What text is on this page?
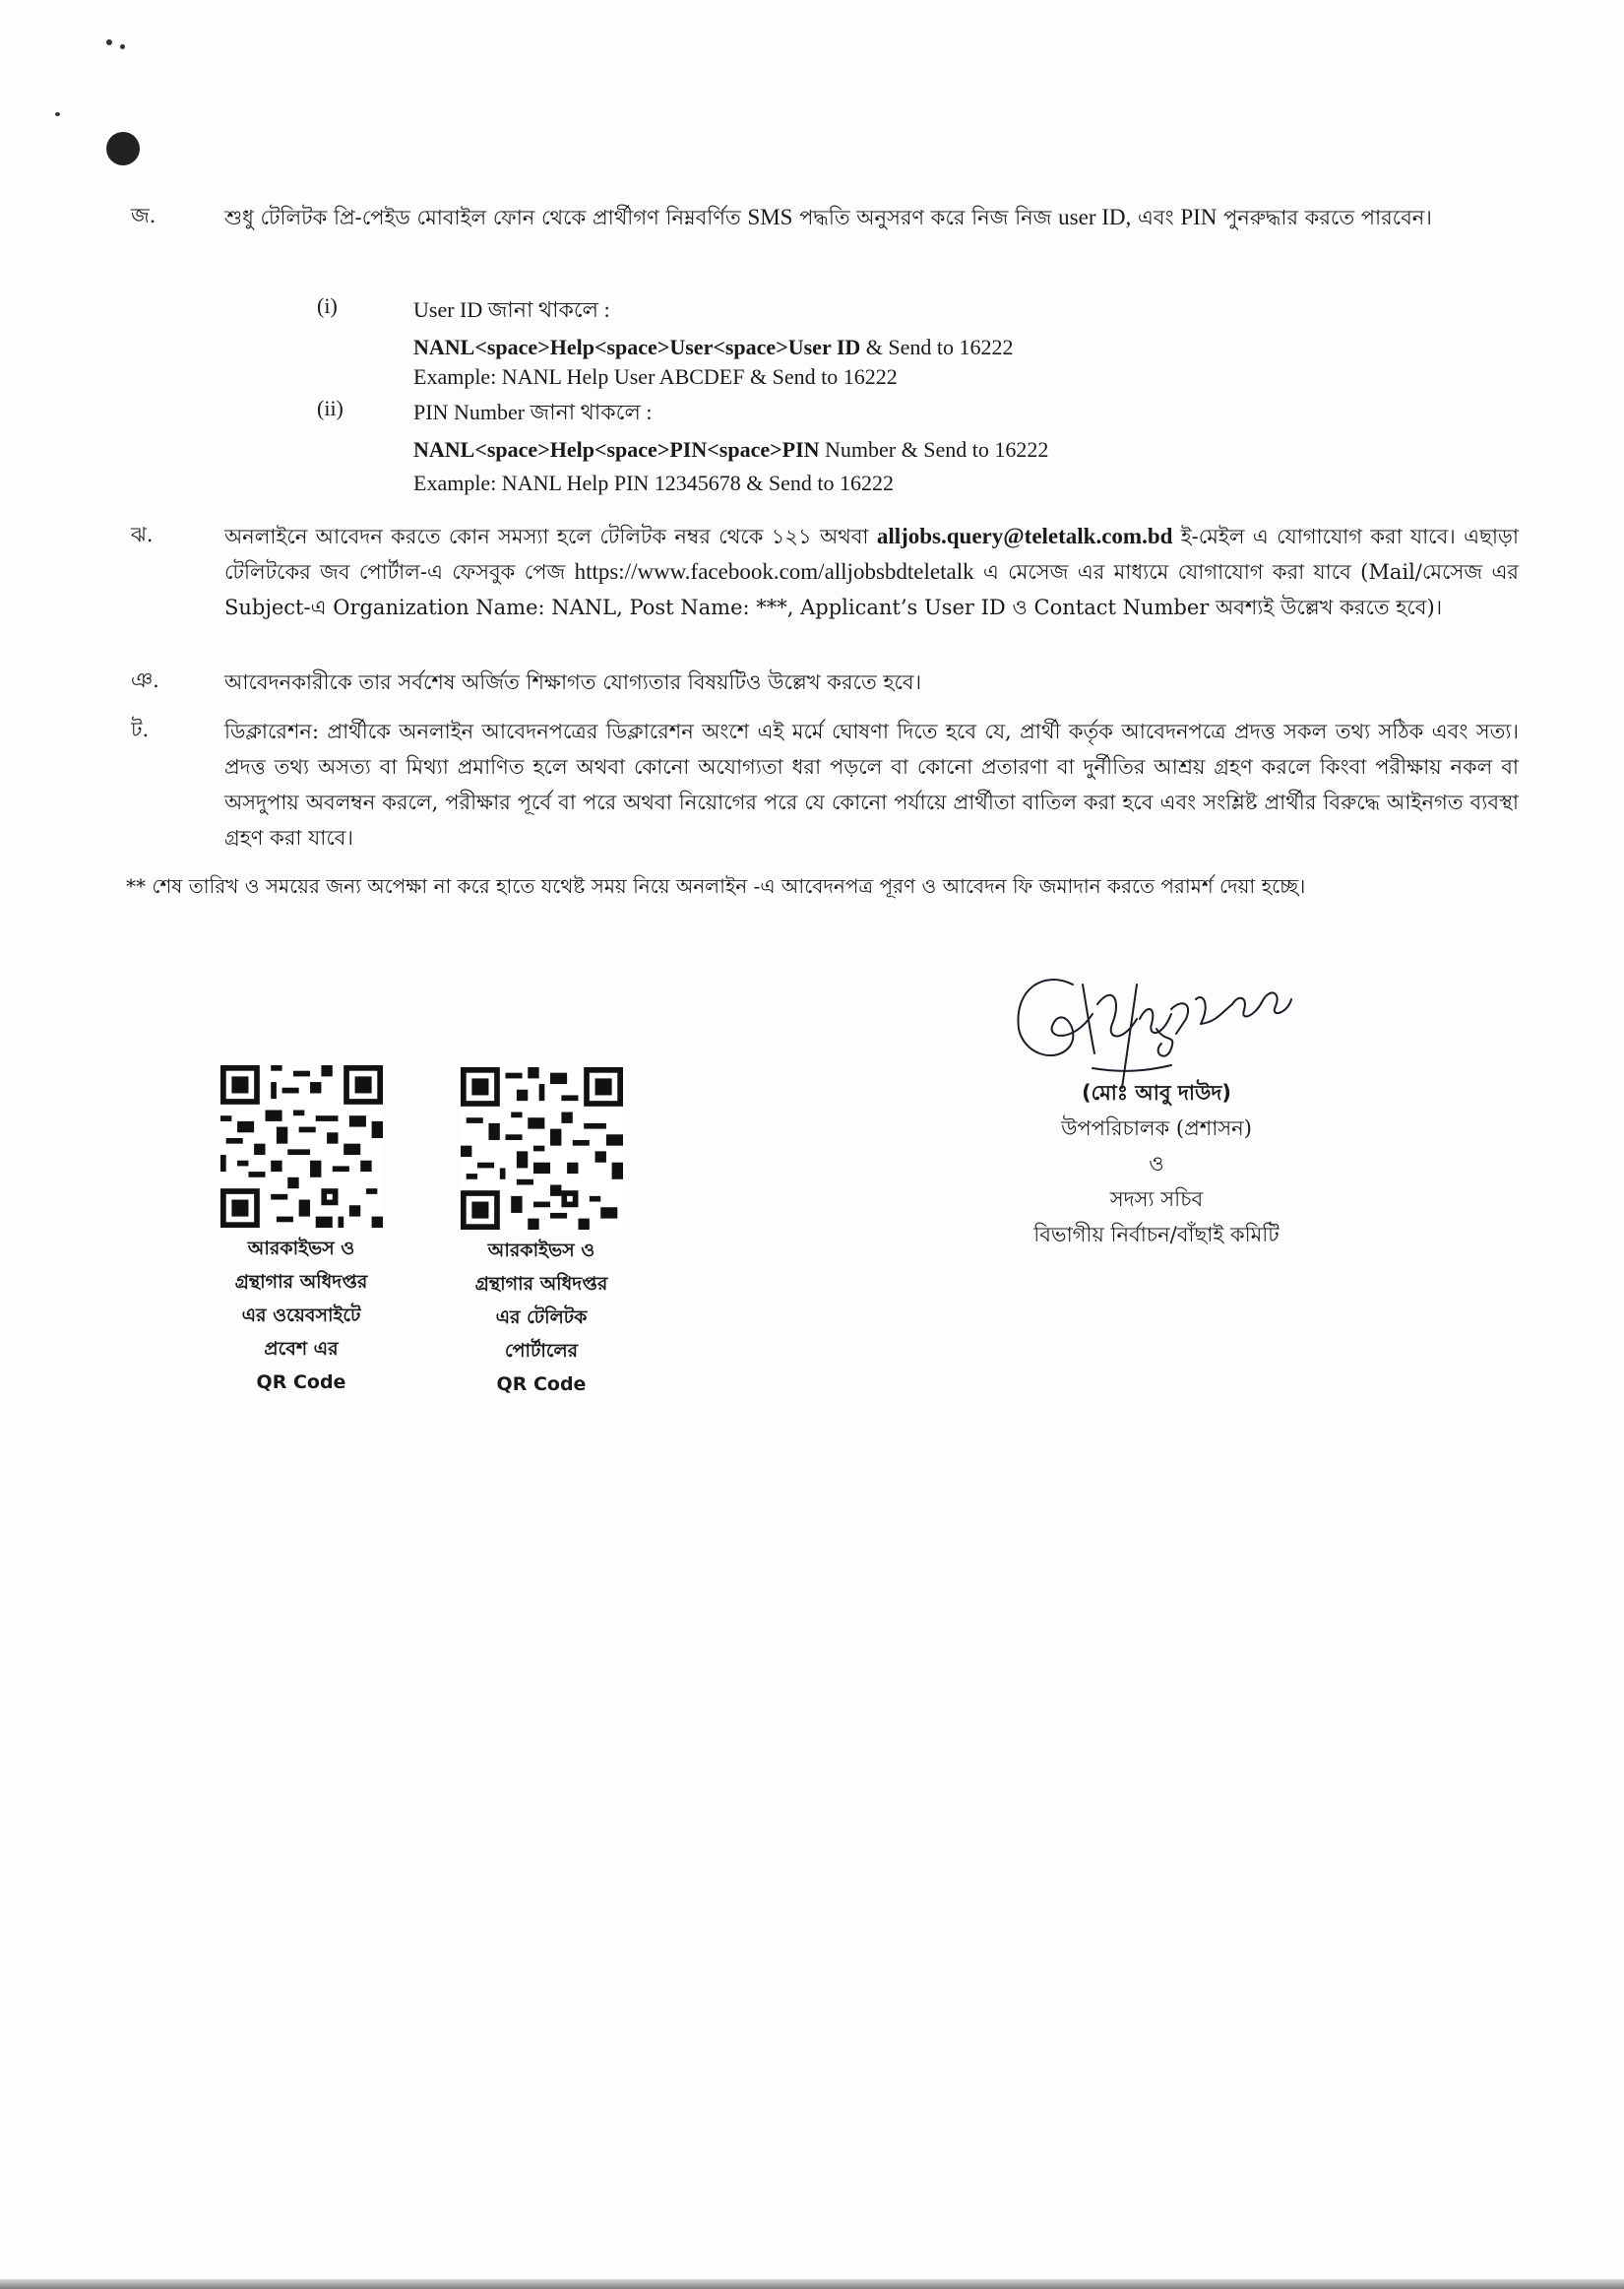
জ.	শুধু টেলিটক প্রি-পেইড মোবাইল ফোন থেকে প্রার্থীগণ নিম্নবর্ণিত SMS পদ্ধতি অনুসরণ করে নিজ নিজ user ID, এবং PIN পুনরুদ্ধার করতে পারবেন।
(i)	User ID জানা থাকলে :
NANL<space>Help<space>User<space>User ID & Send to 16222
Example: NANL Help User ABCDEF & Send to 16222
(ii)	PIN Number জানা থাকলে :
NANL<space>Help<space>PIN<space>PIN Number & Send to 16222
Example: NANL Help PIN 12345678 & Send to 16222
ঝ.	অনলাইনে আবেদন করতে কোন সমস্যা হলে টেলিটক নম্বর থেকে ১২১ অথবা alljobs.query@teletalk.com.bd ই-মেইল এ যোগাযোগ করা যাবে। এছাড়া টেলিটকের জব পোর্টাল-এ ফেসবুক পেজ https://www.facebook.com/alljobsbdteletalk এ মেসেজ এর মাধ্যমে যোগাযোগ করা যাবে (Mail/মেসেজ এর Subject-এ Organization Name: NANL, Post Name: ***, Applicant’s User ID ও Contact Number অবশ্যই উল্লেখ করতে হবে)।
ঞ.	আবেদনকারীকে তার সর্বশেষ অর্জিত শিক্ষাগত যোগ্যতার বিষয়টিও উল্লেখ করতে হবে।
ট.	ডিক্লারেশন: প্রার্থীকে অনলাইন আবেদনপত্রের ডিক্লারেশন অংশে এই মর্মে ঘোষণা দিতে হবে যে, প্রার্থী কর্তৃক আবেদনপত্রে প্রদত্ত সকল তথ্য সঠিক এবং সত্য। প্রদত্ত তথ্য অসত্য বা মিথ্যা প্রমাণিত হলে অথবা কোনো অযোগ্যতা ধরা পড়লে বা কোনো প্রতারণা বা দুর্নীতির আশ্রয় গ্রহণ করলে কিংবা পরীক্ষায় নকল বা অসদুপায় অবলম্বন করলে, পরীক্ষার পূর্বে বা পরে অথবা নিয়োগের পরে যে কোনো পর্যায়ে প্রার্থীতা বাতিল করা হবে এবং সংশ্লিষ্ট প্রার্থীর বিরুদ্ধে আইনগত ব্যবস্থা গ্রহণ করা যাবে।
** শেষ তারিখ ও সময়ের জন্য অপেক্ষা না করে হাতে যথেষ্ট সময় নিয়ে অনলাইন -এ আবেদনপত্র পূরণ ও আবেদন ফি জমাদান করতে পরামর্শ দেয়া হচ্ছে।
আরকাইভস ও
গ্রন্থাগার অধিদপ্তর
এর ওয়েবসাইটে
প্রবেশ এর
QR Code
আরকাইভস ও
গ্রন্থাগার অধিদপ্তর
এর টেলিটক
পোর্টালের
QR Code
(মোঃ আবু দাউদ)
উপপরিচালক (প্রশাসন)
ও
সদস্য সচিব
বিভাগীয় নির্বাচন/বাঁছাই কমিটি
